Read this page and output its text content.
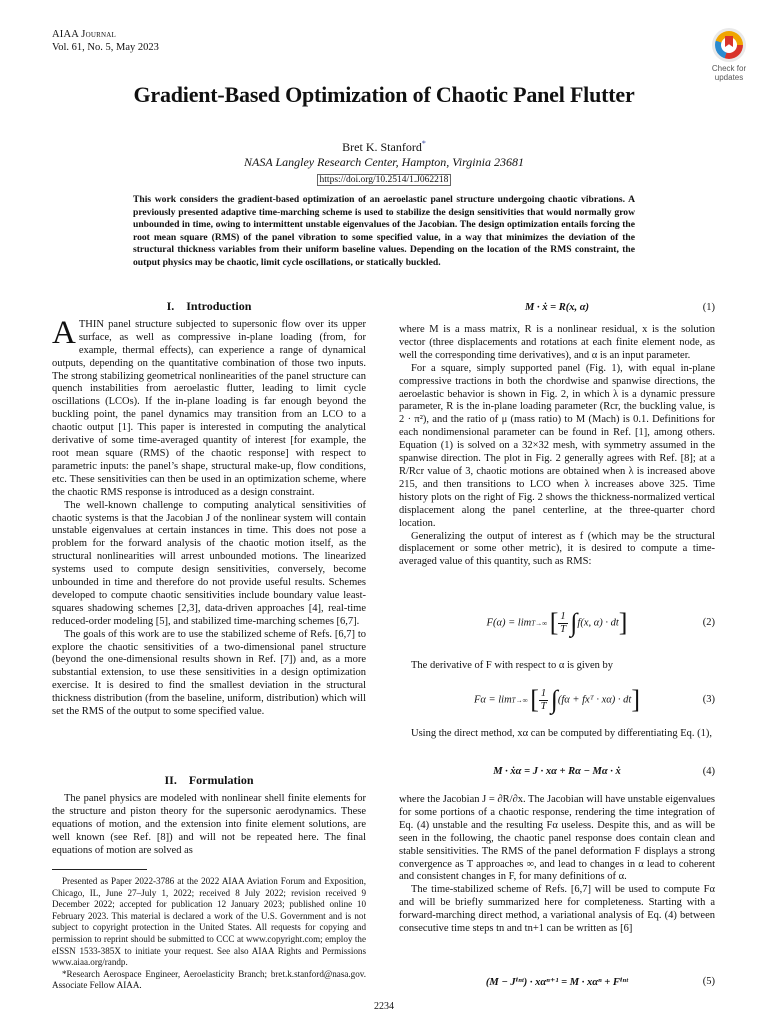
AIAA Journal
Vol. 61, No. 5, May 2023
Check for
updates
Gradient-Based Optimization of Chaotic Panel Flutter
Bret K. Stanford*
NASA Langley Research Center, Hampton, Virginia 23681
https://doi.org/10.2514/1.J062218
This work considers the gradient-based optimization of an aeroelastic panel structure undergoing chaotic vibrations. A previously presented adaptive time-marching scheme is used to stabilize the design sensitivities that would normally grow unbounded in time, owing to intermittent unstable eigenvalues of the Jacobian. The design optimization entails forcing the root mean square (RMS) of the panel vibration to some specified value, in a way that minimizes the deviation of the structural thickness variables from their uniform baseline values. Depending on the location of the RMS constraint, the output physics may be chaotic, limit cycle oscillations, or statically buckled.
I. Introduction

ATHIN panel structure subjected to supersonic flow over its upper surface, as well as compressive in-plane loading (from, for example, thermal effects), can experience a range of dynamical outputs, depending on the quantitative combination of those two inputs. The strong stabilizing geometrical nonlinearities of the panel structure can quench instabilities from aeroelastic flutter, leading to limit cycle oscillations (LCOs). If the in-plane loading is far enough beyond the buckling point, the panel dynamics may transition from an LCO to a chaotic output [1]. This paper is interested in computing the analytical derivative of some time-averaged quantity of interest [for example, the root mean square (RMS) of the chaotic response] with respect to parametric inputs: the panel’s shape, structural make-up, flow conditions, etc. These sensitivities can then be used in an optimization scheme, where the chaotic RMS response is introduced as a design constraint.

The well-known challenge to computing analytical sensitivities of chaotic systems is that the Jacobian J of the nonlinear system will contain unstable eigenvalues at certain instances in time. This does not pose a problem for the forward analysis of the chaotic motion itself, as the structural nonlinearities will arrest unbounded motions. The linearized systems used to compute design sensitivities, conversely, become unbounded in time and therefore do not provide useful results. Schemes developed to compute chaotic sensitivities include boundary value least-squares shadowing schemes [2,3], data-driven approaches [4], real-time reduced-order modeling [5], and stabilized time-marching schemes [6,7].

The goals of this work are to use the stabilized scheme of Refs. [6,7] to explore the chaotic sensitivities of a two-dimensional panel structure (beyond the one-dimensional results shown in Ref. [7]) and, as a more substantial extension, to use these sensitivities in a design optimization exercise. It is desired to find the smallest deviation in the structural thickness distribution (from the baseline, uniform, distribution) which will set the RMS of the output to some specified value.

II. Formulation

The panel physics are modeled with nonlinear shell finite elements for the structure and piston theory for the supersonic aerodynamics. These equations of motion, and the extension into finite element solutions, are well known (see Ref. [8]) and will not be repeated here. The final equations of motion are solved as

Presented as Paper 2022-3786 at the 2022 AIAA Aviation Forum and Exposition, Chicago, IL, June 27–July 1, 2022; received 8 July 2022; revision received 9 December 2022; accepted for publication 12 January 2023; published online 10 February 2023. This material is declared a work of the U.S. Government and is not subject to copyright protection in the United States. All requests for copying and permission to reprint should be submitted to CCC at www.copyright.com; employ the eISSN 1533-385X to initiate your request. See also AIAA Rights and Permissions www.aiaa.org/randp.

*Research Aerospace Engineer, Aeroelasticity Branch; bret.k.stanford@nasa.gov. Associate Fellow AIAA.

M · ẋ = R(x, α)	(1)

where M is a mass matrix, R is a nonlinear residual, x is the solution vector (three displacements and rotations at each finite element node, as well the corresponding time derivatives), and α is an input parameter.

For a square, simply supported panel (Fig. 1), with equal in-plane compressive tractions in both the chordwise and spanwise directions, the aeroelastic behavior is shown in Fig. 2, in which λ is a dynamic pressure parameter, R is the in-plane loading parameter (Rcr, the buckling value, is 2 · π²), and the ratio of μ (mass ratio) to M (Mach) is 0.1. Definitions for each nondimensional parameter can be found in Ref. [1], among others. Equation (1) is solved on a 32×32 mesh, with symmetry assumed in the spanwise direction. The plot in Fig. 2 generally agrees with Ref. [8]; at a R/Rcr value of 3, chaotic motions are obtained when λ is increased above 215, and then transitions to LCO when λ increases above 325. Time history plots on the right of Fig. 2 shows the thickness-normalized vertical displacement along the panel centerline, at the three-quarter chord location.

Generalizing the output of interest as f (which may be the structural displacement or some other metric), it is desired to compute a time-averaged value of this quantity, such as RMS:

F(α) = limT→∞ [ $\frac{1}{T} \int f(x$, α) · dt]	(2)

The derivative of F with respect to α is given by

Fα = limT→∞ [ $\frac{1}{T} \int(f\alpha$ + fxᵀ · xα) · dt]	(3)

Using the direct method, xα can be computed by differentiating Eq. (1),

M · ẋα = J · xα + Rα − Mα · ẋ	(4)

where the Jacobian J = ∂R/∂x. The Jacobian will have unstable eigenvalues for some portions of a chaotic response, rendering the time integration of Eq. (4) unstable and the resulting Fα useless. Despite this, and as will be seen in the following, the chaotic panel response does contain clean and stable sensitivities. The RMS of the panel deformation F displays a strong convergence as T approaches ∞, and lead to changes in α lead to coherent and consistent changes in F, for many definitions of α.

The time-stabilized scheme of Refs. [6,7] will be used to compute Fα and will be briefly summarized here for completeness. Starting with a forward-marching direct method, a variational analysis of Eq. (4) between consecutive time steps tn and tn+1 can be written as [6]

(M − Jⁱⁿᵗ) · xαⁿ⁺¹ = M · xαⁿ + Fⁱⁿᵗ	(5)
2234
